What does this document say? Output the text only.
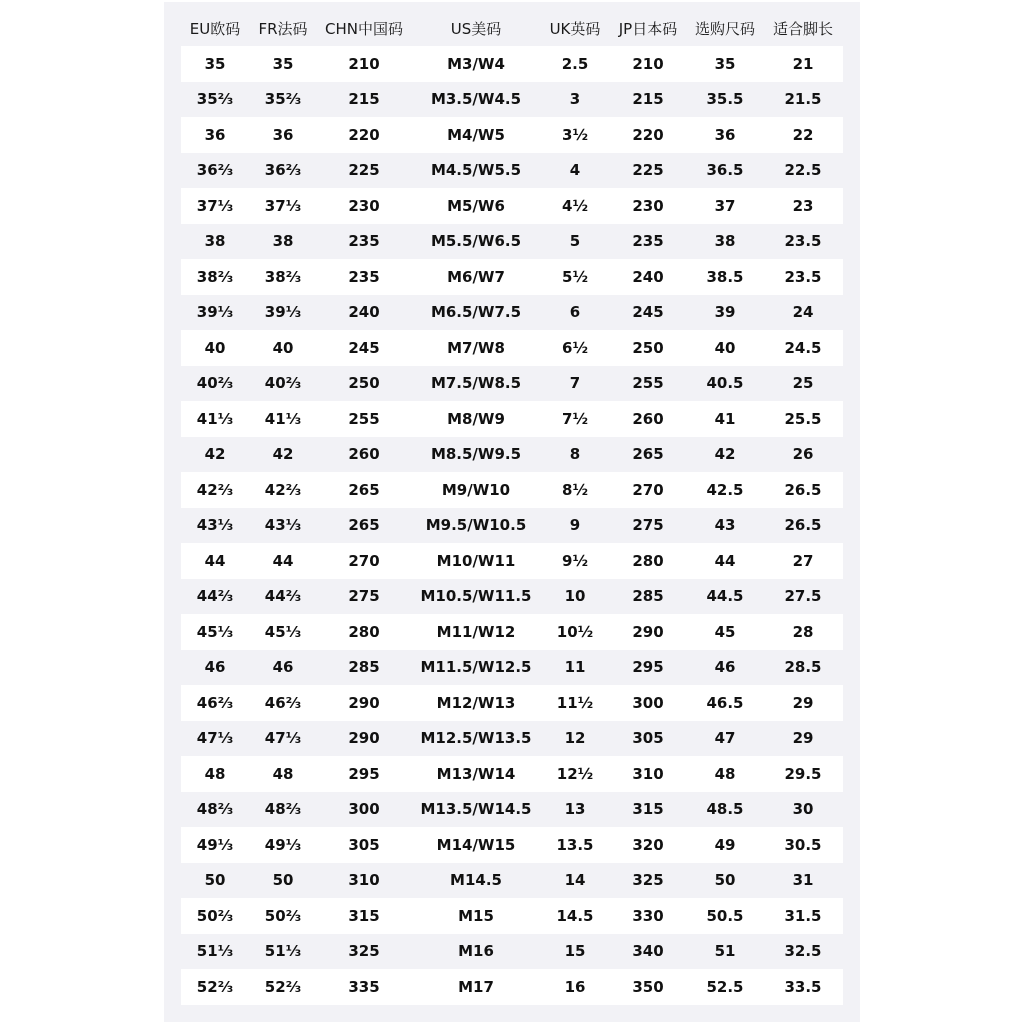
EU欧码	FR法码	CHN中国码	US美码	UK英码	JP日本码	选购尺码	适合脚长
35	35	210	M3/W4	2.5	210	35	21
35⅔	35⅔	215	M3.5/W4.5	3	215	35.5	21.5
36	36	220	M4/W5	3½	220	36	22
36⅔	36⅔	225	M4.5/W5.5	4	225	36.5	22.5
37⅓	37⅓	230	M5/W6	4½	230	37	23
38	38	235	M5.5/W6.5	5	235	38	23.5
38⅔	38⅔	235	M6/W7	5½	240	38.5	23.5
39⅓	39⅓	240	M6.5/W7.5	6	245	39	24
40	40	245	M7/W8	6½	250	40	24.5
40⅔	40⅔	250	M7.5/W8.5	7	255	40.5	25
41⅓	41⅓	255	M8/W9	7½	260	41	25.5
42	42	260	M8.5/W9.5	8	265	42	26
42⅔	42⅔	265	M9/W10	8½	270	42.5	26.5
43⅓	43⅓	265	M9.5/W10.5	9	275	43	26.5
44	44	270	M10/W11	9½	280	44	27
44⅔	44⅔	275	M10.5/W11.5	10	285	44.5	27.5
45⅓	45⅓	280	M11/W12	10½	290	45	28
46	46	285	M11.5/W12.5	11	295	46	28.5
46⅔	46⅔	290	M12/W13	11½	300	46.5	29
47⅓	47⅓	290	M12.5/W13.5	12	305	47	29
48	48	295	M13/W14	12½	310	48	29.5
48⅔	48⅔	300	M13.5/W14.5	13	315	48.5	30
49⅓	49⅓	305	M14/W15	13.5	320	49	30.5
50	50	310	M14.5	14	325	50	31
50⅔	50⅔	315	M15	14.5	330	50.5	31.5
51⅓	51⅓	325	M16	15	340	51	32.5
52⅔	52⅔	335	M17	16	350	52.5	33.5
